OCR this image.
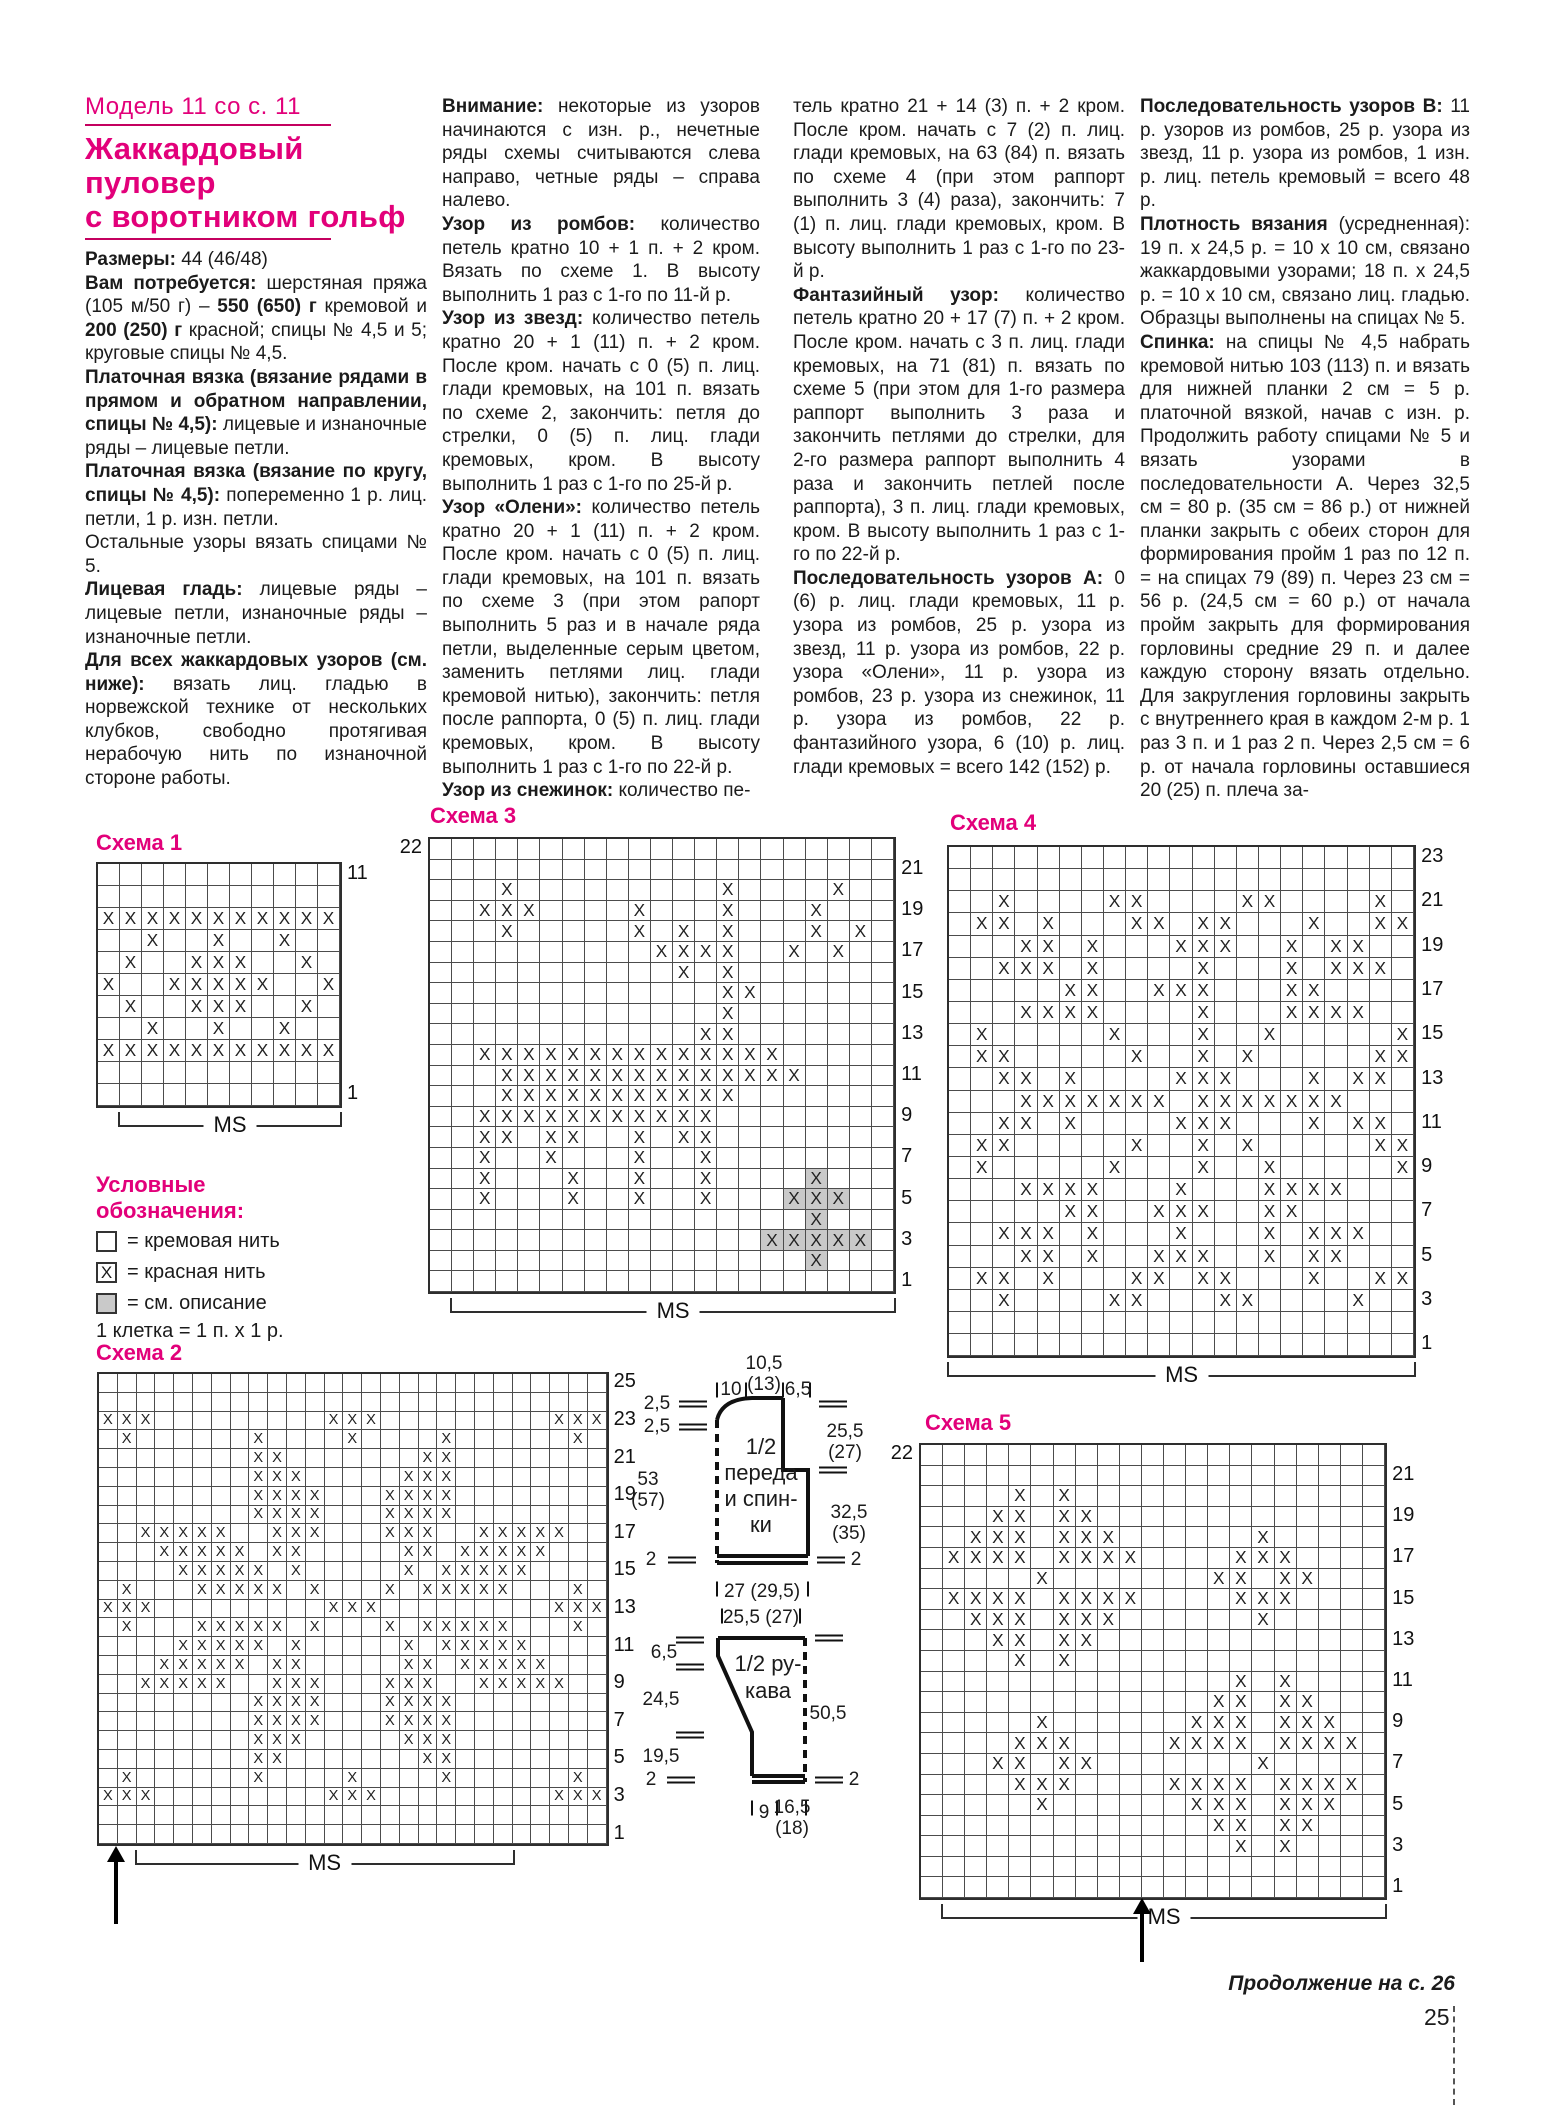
Модель 11 со с. 11
Жаккардовый
пуловер
с воротником гольф

Размеры: 44 (46/48)

Вам потребуется: шерстяная пряжа (105 м/50 г) – 550 (650) г кремовой и 200 (250) г красной; спицы № 4,5 и 5; круговые спицы № 4,5.

Платочная вязка (вязание рядами в прямом и обратном направлении, спицы № 4,5): лицевые и изнаночные ряды – лицевые петли.

Платочная вязка (вязание по кругу, спицы № 4,5): попеременно 1 р. лиц. петли, 1 р. изн. петли.

Остальные узоры вязать спицами № 5.

Лицевая гладь: лицевые ряды – лицевые петли, изнаночные ряды – изнаночные петли.

Для всех жаккардовых узоров (см. ниже): вязать лиц. гладью в норвежской технике от нескольких клубков, свободно протягивая нерабочую нить по изнаночной стороне работы.

Внимание: некоторые из узоров начинаются с изн. р., нечетные ряды схемы считываются слева направо, четные ряды – справа налево.

Узор из ромбов: количество петель кратно 10 + 1 п. + 2 кром. Вязать по схеме 1. В высоту выполнить 1 раз с 1-го по 11-й р.

Узор из звезд: количество петель кратно 20 + 1 (11) п. + 2 кром. После кром. начать с 0 (5) п. лиц. глади кремовых, на 101 п. вязать по схеме 2, закончить: петля до стрелки, 0 (5) п. лиц. глади кремовых, кром. В высоту выполнить 1 раз с 1-го по 25-й р.

Узор «Олени»: количество петель кратно 20 + 1 (11) п. + 2 кром. После кром. начать с 0 (5) п. лиц. глади кремовых, на 101 п. вязать по схеме 3 (при этом рапорт выполнить 5 раз и в начале ряда петли, выделенные серым цветом, заменить петлями лиц. глади кремовой нитью), закончить: петля после раппорта, 0 (5) п. лиц. глади кремовых, кром. В высоту выполнить 1 раз с 1-го по 22-й р.

Узор из снежинок: количество пе-

тель кратно 21 + 14 (3) п. + 2 кром. После кром. начать с 7 (2) п. лиц. глади кремовых, на 63 (84) п. вязать по схеме 4 (при этом раппорт выполнить 3 (4) раза), закончить: 7 (1) п. лиц. глади кремовых, кром. В высоту выполнить 1 раз с 1-го по 23-й р.

Фантазийный узор: количество петель кратно 20 + 17 (7) п. + 2 кром. После кром. начать с 3 п. лиц. глади кремовых, на 71 (81) п. вязать по схеме 5 (при этом для 1-го размера раппорт выполнить 3 раза и закончить петлями до стрелки, для 2-го размера раппорт выполнить 4 раза и закончить петлей после раппорта), 3 п. лиц. глади кремовых, кром. В высоту выполнить 1 раз с 1-го по 22-й р.

Последовательность узоров А: 0 (6) р. лиц. глади кремовых, 11 р. узора из ромбов, 25 р. узора из звезд, 11 р. узора из ромбов, 22 р. узора «Олени», 11 р. узора из ромбов, 23 р. узора из снежинок, 11 р. узора из ромбов, 22 р. фантазийного узора, 6 (10) р. лиц. глади кремовых = всего 142 (152) р.

Последовательность узоров В: 11 р. узоров из ромбов, 25 р. узора из звезд, 11 р. узора из ромбов, 1 изн. р. лиц. петель кремовый = всего 48 р.

Плотность вязания (усредненная): 19 п. х 24,5 р. = 10 х 10 см, связано жаккардовыми узорами; 18 п. х 24,5 р. = 10 х 10 см, связано лиц. гладью. Образцы выполнены на спицах № 5.

Спинка: на спицы № 4,5 набрать кремовой нитью 103 (113) п. и вязать для нижней планки 2 см = 5 р. платочной вязкой, начав с изн. р. Продолжить работу спицами № 5 и вязать узорами в последовательности А. Через 32,5 см = 80 р. (35 см = 86 р.) от нижней планки закрыть с обеих сторон для формирования пройм 1 раз по 12 п. = на спицах 79 (89) п. Через 23 см = 56 р. (24,5 см = 60 р.) от начала пройм закрыть для формирования горловины средние 29 п. и далее каждую сторону вязать отдельно. Для закругления горловины закрыть с внутреннего края в каждом 2-м р. 1 раз 3 п. и 1 раз 2 п. Через 2,5 см = 6 р. от начала горловины оставшиеся 20 (25) п. плеча за-

Схема 1
Схема 2
Схема 3	Схема 4
Схема 5
X X X X X X X X X X X
X	X	X
X	X X X	X
X	X X X X X	X
X	X X X	X
X	X	X
X X X X X X X X X X X
11
1
MS
X X X	X X X	X X X
X	X	X	X	X
X X	X X
X X X	X X X
X X X X	X X X X
X X X X	X X X X
X X X X X	X X X	X X X	X X X X X
X X X X X	X X	X X	X X X X X
X X X X X	X	X	X X X X X
X	X X X X X	X	X	X X X X X	X
X X X	X X X	X X X
X	X X X X X	X	X	X X X X X	X
X X X X X	X	X	X X X X X
X X X X X	X X	X X	X X X X X
X X X X X	X X X	X X X	X X X X X
X X X X	X X X X
X X X X	X X X X
X X X	X X X
X X	X X
X	X	X	X	X
X X X	X X X	X X X
25
23
21
19
17
15
13
11
9
7
5
3
1
MS
X	X	X
X X X	X	X	X
X	X	X	X	X	X
X X X X	X	X
X	X
X X
X
X X
X X X X X X X X X X X X X X
X X X X X X X X X X X X X X
X X X X X X X X X X X
X X X X X X X X X X X
X X	X X	X	X X
X	X	X	X
X	X	X	X	X
X	X	X	X	X X X
X
X X X X X
X
21
19
17
15
13
11
9
7
5
3
1
22
MS
X	X X	X X	X
X X	X	X X	X X	X	X X
X X	X	X X X	X	X X
X X X	X	X	X	X X X
X X	X X X	X X
X X X X	X	X X X X
X	X	X	X	X
X X	X	X	X	X X
X X	X	X X X	X	X X
X X X X X X X	X X X X X X X
X X	X	X X X	X	X X
X X	X	X	X	X X
X	X	X	X	X
X X X X	X	X X X X
X X	X X X	X X
X X X	X	X	X	X X X
X X	X	X X X	X	X X
X X	X	X X	X X	X	X X
X	X X	X X	X
23
21
19
17
15
13
11
9
7
5
3
1
MS
X	X
X X	X X
X X X	X X X	X
X X X X	X X X X	X X X
X	X X	X X
X X X X	X X X X	X X X
X X X	X X X	X
X X	X X
X	X
X	X
X X	X X
X	X X X	X X X
X X X	X X X X	X X X X
X X	X X	X
X X X	X X X X	X X X X
X	X X X	X X X
X X	X X
X	X
21
19
17
15
13
11
9
7
5
3
1
22
MS
Условные
обозначения:
= кремовая нить
X = красная нить
= см. описание
1 клетка = 1 п. х 1 р.
Продолжение на с. 26
25
10
10,5
(13) 6,5
2,5
2,5
53
(57)
2
25,5
(27)
32,5
(35)
2
27 (29,5)
1/2
переда
и спин-
ки
25,5 (27)
6,5
24,5
19,5
2
50,5
2
9 16,5
(18)
1/2 ру-
кава
